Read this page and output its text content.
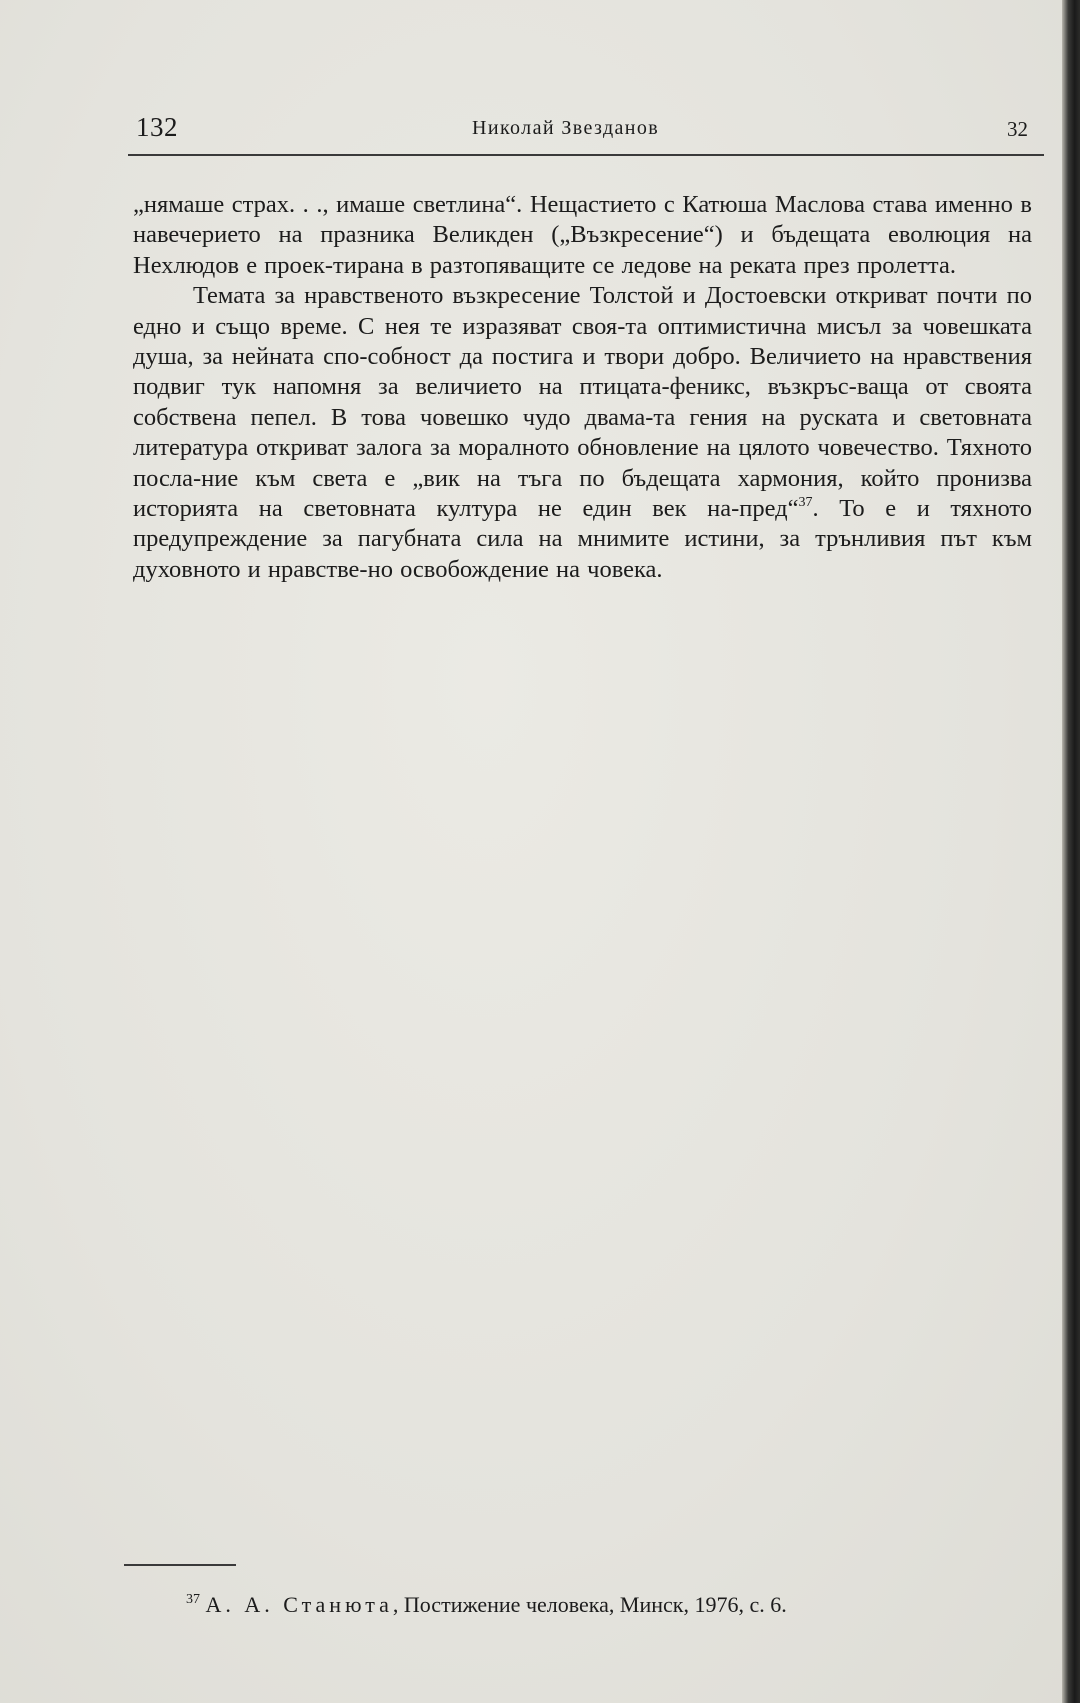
132	Николай Звезданов	32

„нямаше страх. . ., имаше светлина“. Нещастието с Катюша Маслова става именно в навечерието на празника Великден („Възкресение“) и бъдещата еволюция на Нехлюдов е проек-тирана в разтопяващите се ледове на реката през пролетта.

Темата за нравственото възкресение Толстой и Достоевски откриват почти по едно и също време. С нея те изразяват своя-та оптимистична мисъл за човешката душа, за нейната спо-собност да постига и твори добро. Величието на нравствения подвиг тук напомня за величието на птицата-феникс, възкръс-ваща от своята собствена пепел. В това човешко чудо двама-та гения на руската и световната литература откриват залога за моралното обновление на цялото човечество. Тяхното посла-ние към света е „вик на тъга по бъдещата хармония, който пронизва историята на световната култура не един век на-пред“$^{37}$. То е и тяхното предупреждение за пагубната сила на мнимите истини, за трънливия път към духовното и нравстве-но освобождение на човека.

$^{37}$ А. А. Станюта, Постижение человека, Минск, 1976, с. 6.
